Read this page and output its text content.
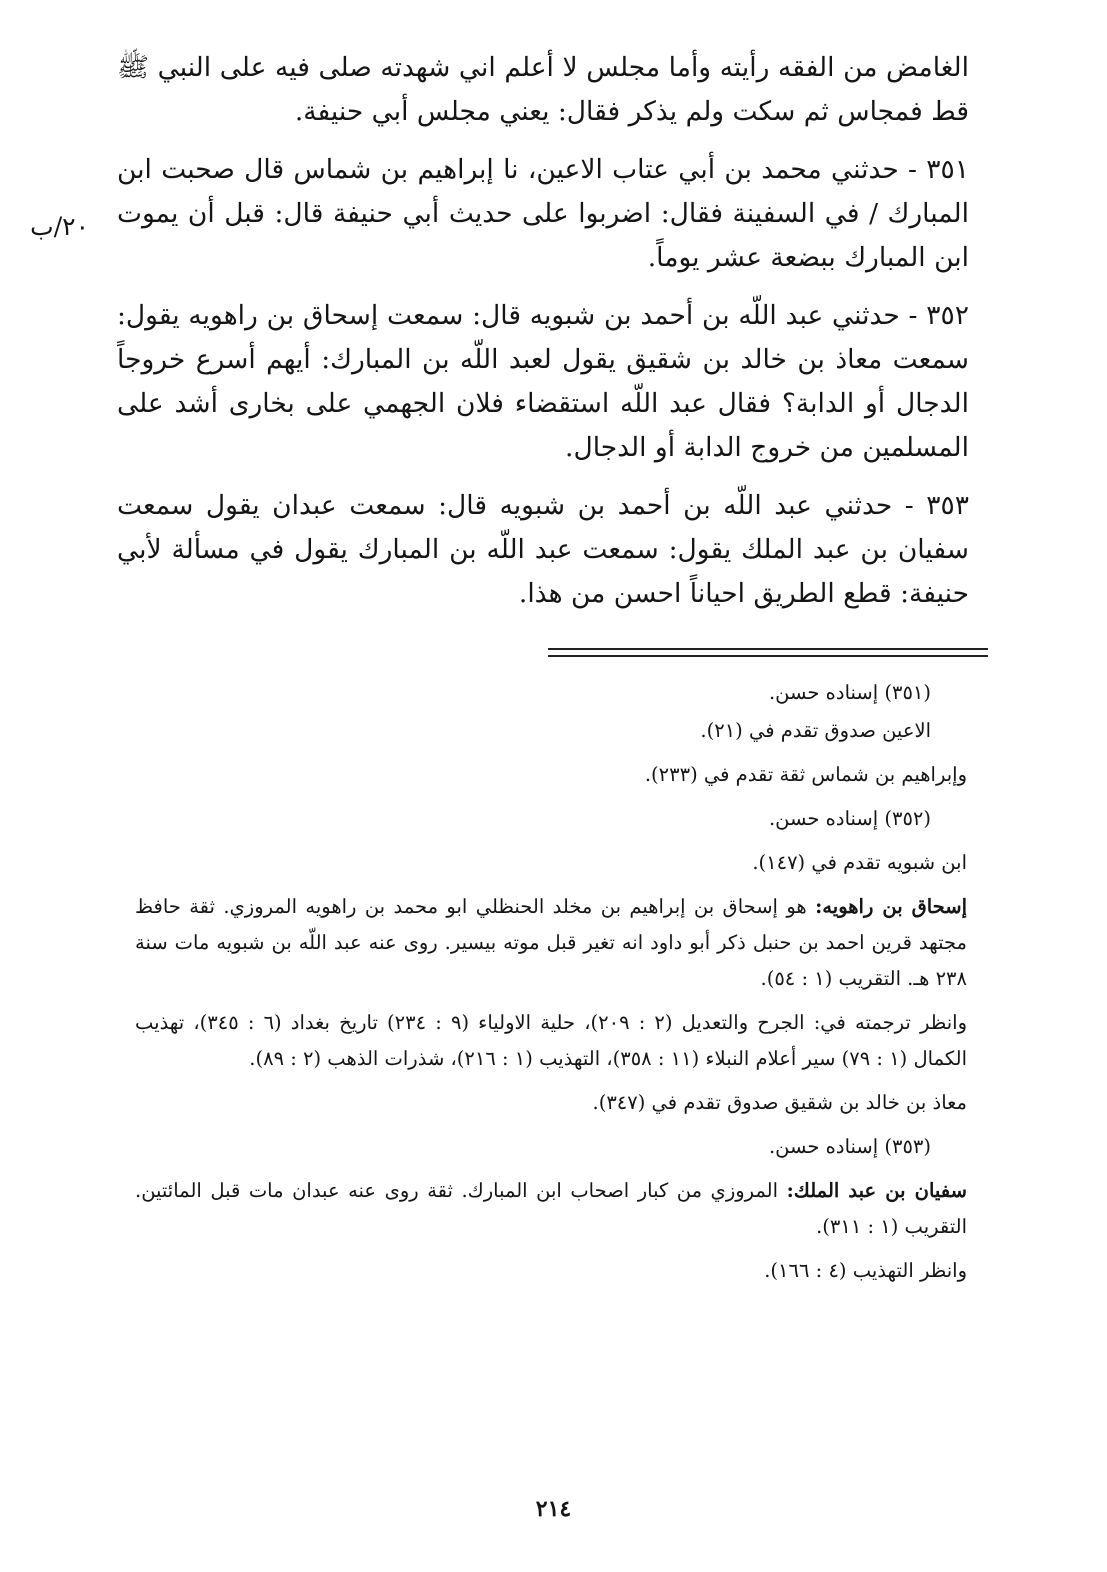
الغامض من الفقه رأيته وأما مجلس لا أعلم اني شهدته صلى فيه على النبي ﷺ قط فمجاس ثم سكت ولم يذكر فقال: يعني مجلس أبي حنيفة.

٣٥١ - حدثني محمد بن أبي عتاب الاعين، نا إبراهيم بن شماس قال صحبت ابن المبارك / في السفينة فقال: اضربوا على حديث أبي حنيفة قال: قبل أن يموت ابن المبارك ببضعة عشر يوماً.

٣٥٢ - حدثني عبد اللّه بن أحمد بن شبويه قال: سمعت إسحاق بن راهويه يقول: سمعت معاذ بن خالد بن شقيق يقول لعبد اللّه بن المبارك: أيهم أسرع خروجاً الدجال أو الدابة؟ فقال عبد اللّه استقضاء فلان الجهمي على بخارى أشد على المسلمين من خروج الدابة أو الدجال.

٣٥٣ - حدثني عبد اللّه بن أحمد بن شبويه قال: سمعت عبدان يقول سمعت سفيان بن عبد الملك يقول: سمعت عبد اللّه بن المبارك يقول في مسألة لأبي حنيفة: قطع الطريق احياناً احسن من هذا.

٢٠/ب

(٣٥١) إسناده حسن.

الاعين صدوق تقدم في (٢١).

وإبراهيم بن شماس ثقة تقدم في (٢٣٣).

(٣٥٢) إسناده حسن.

ابن شبويه تقدم في (١٤٧).

إسحاق بن راهويه: هو إسحاق بن إبراهيم بن مخلد الحنظلي ابو محمد بن راهويه المروزي. ثقة حافظ مجتهد قرين احمد بن حنبل ذكر أبو داود انه تغير قبل موته بيسير. روى عنه عبد اللّه بن شبويه مات سنة ٢٣٨ هـ. التقريب (١ : ٥٤).

وانظر ترجمته في: الجرح والتعديل (٢ : ٢٠٩)، حلية الاولياء (٩ : ٢٣٤) تاريخ بغداد (٦ : ٣٤٥)، تهذيب الكمال (١ : ٧٩) سير أعلام النبلاء (١١ : ٣٥٨)، التهذيب (١ : ٢١٦)، شذرات الذهب (٢ : ٨٩).

معاذ بن خالد بن شقيق صدوق تقدم في (٣٤٧).

(٣٥٣) إسناده حسن.

سفيان بن عبد الملك: المروزي من كبار اصحاب ابن المبارك. ثقة روى عنه عبدان مات قبل المائتين. التقريب (١ : ٣١١).

وانظر التهذيب (٤ : ١٦٦).

٢١٤
